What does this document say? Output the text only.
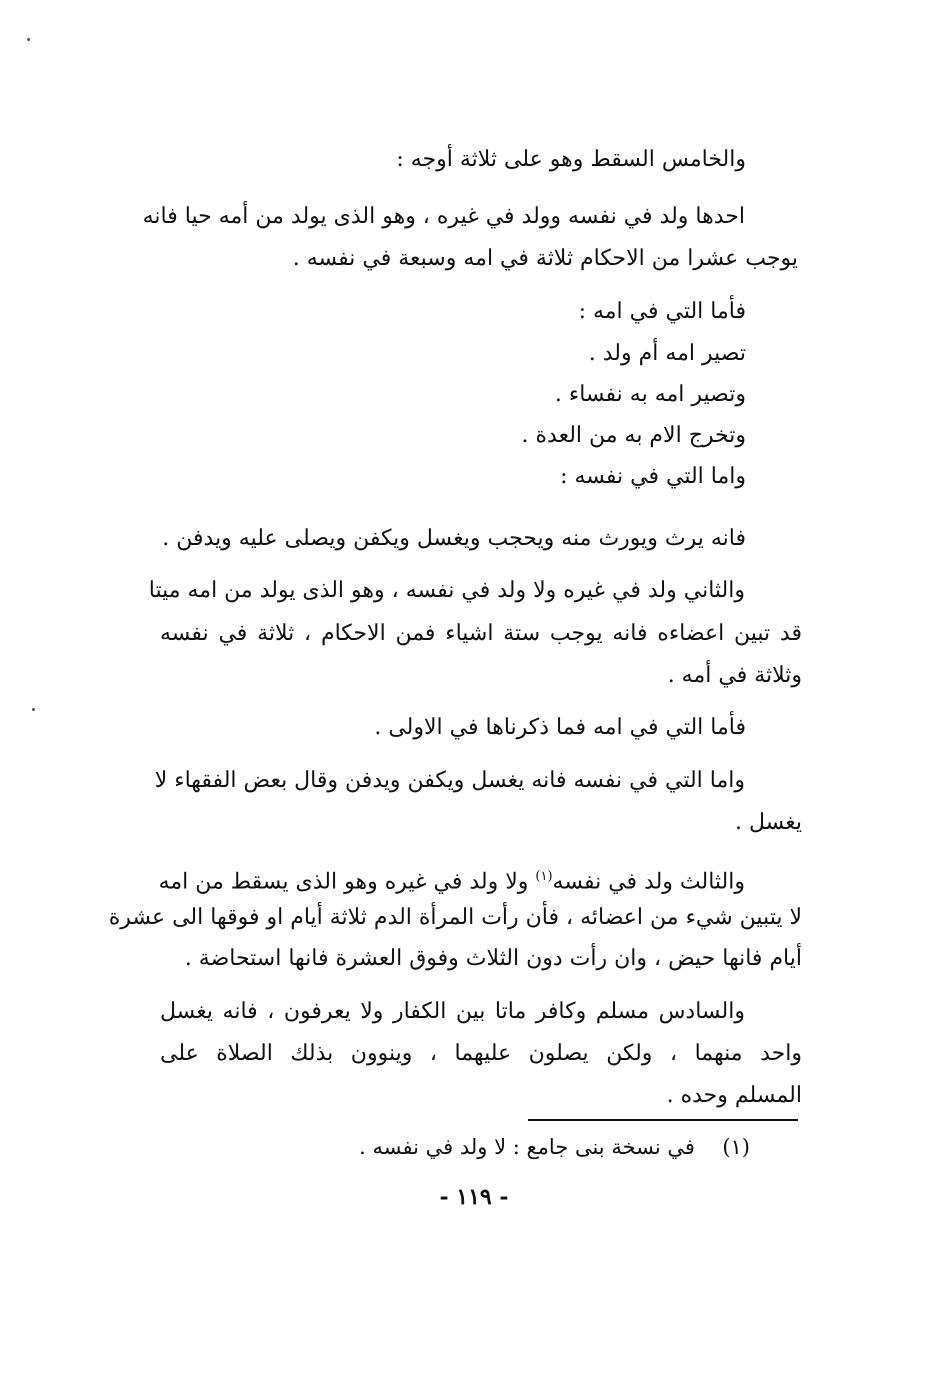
والخامس السقط وهو على ثلاثة أوجه :
احدها ولد في نفسه وولد في غيره ، وهو الذى يولد من أمه حيا فانه
يوجب عشرا من الاحكام ثلاثة في امه وسبعة في نفسه .
فأما التي في امه :
تصير امه أم ولد .
وتصير امه به نفساء .
وتخرج الام به من العدة .
واما التي في نفسه :
فانه يرث ويورث منه ويحجب ويغسل ويكفن ويصلى عليه ويدفن .
والثاني ولد في غيره ولا ولد في نفسه ، وهو الذى يولد من امه ميتا
قد تبين اعضاءه فانه يوجب ستة اشياء فمن الاحكام ، ثلاثة في نفسه
وثلاثة في أمه .
فأما التي في امه فما ذكرناها في الاولى .
واما التي في نفسه فانه يغسل ويكفن ويدفن وقال بعض الفقهاء لا
يغسل .
والثالث ولد في نفسه$^{(١)}$ ولا ولد في غيره وهو الذى يسقط من امه
لا يتبين شيء من اعضائه ، فأن رأت المرأة الدم ثلاثة أيام او فوقها الى عشرة
أيام فانها حيض ، وان رأت دون الثلاث وفوق العشرة فانها استحاضة .
والسادس مسلم وكافر ماتا بين الكفار ولا يعرفون ، فانه يغسل
واحد منهما ، ولكن يصلون عليهما ، وينوون بذلك الصلاة على
المسلم وحده .
(١)  في نسخة بنى جامع : لا ولد في نفسه .
- ١١٩ -
